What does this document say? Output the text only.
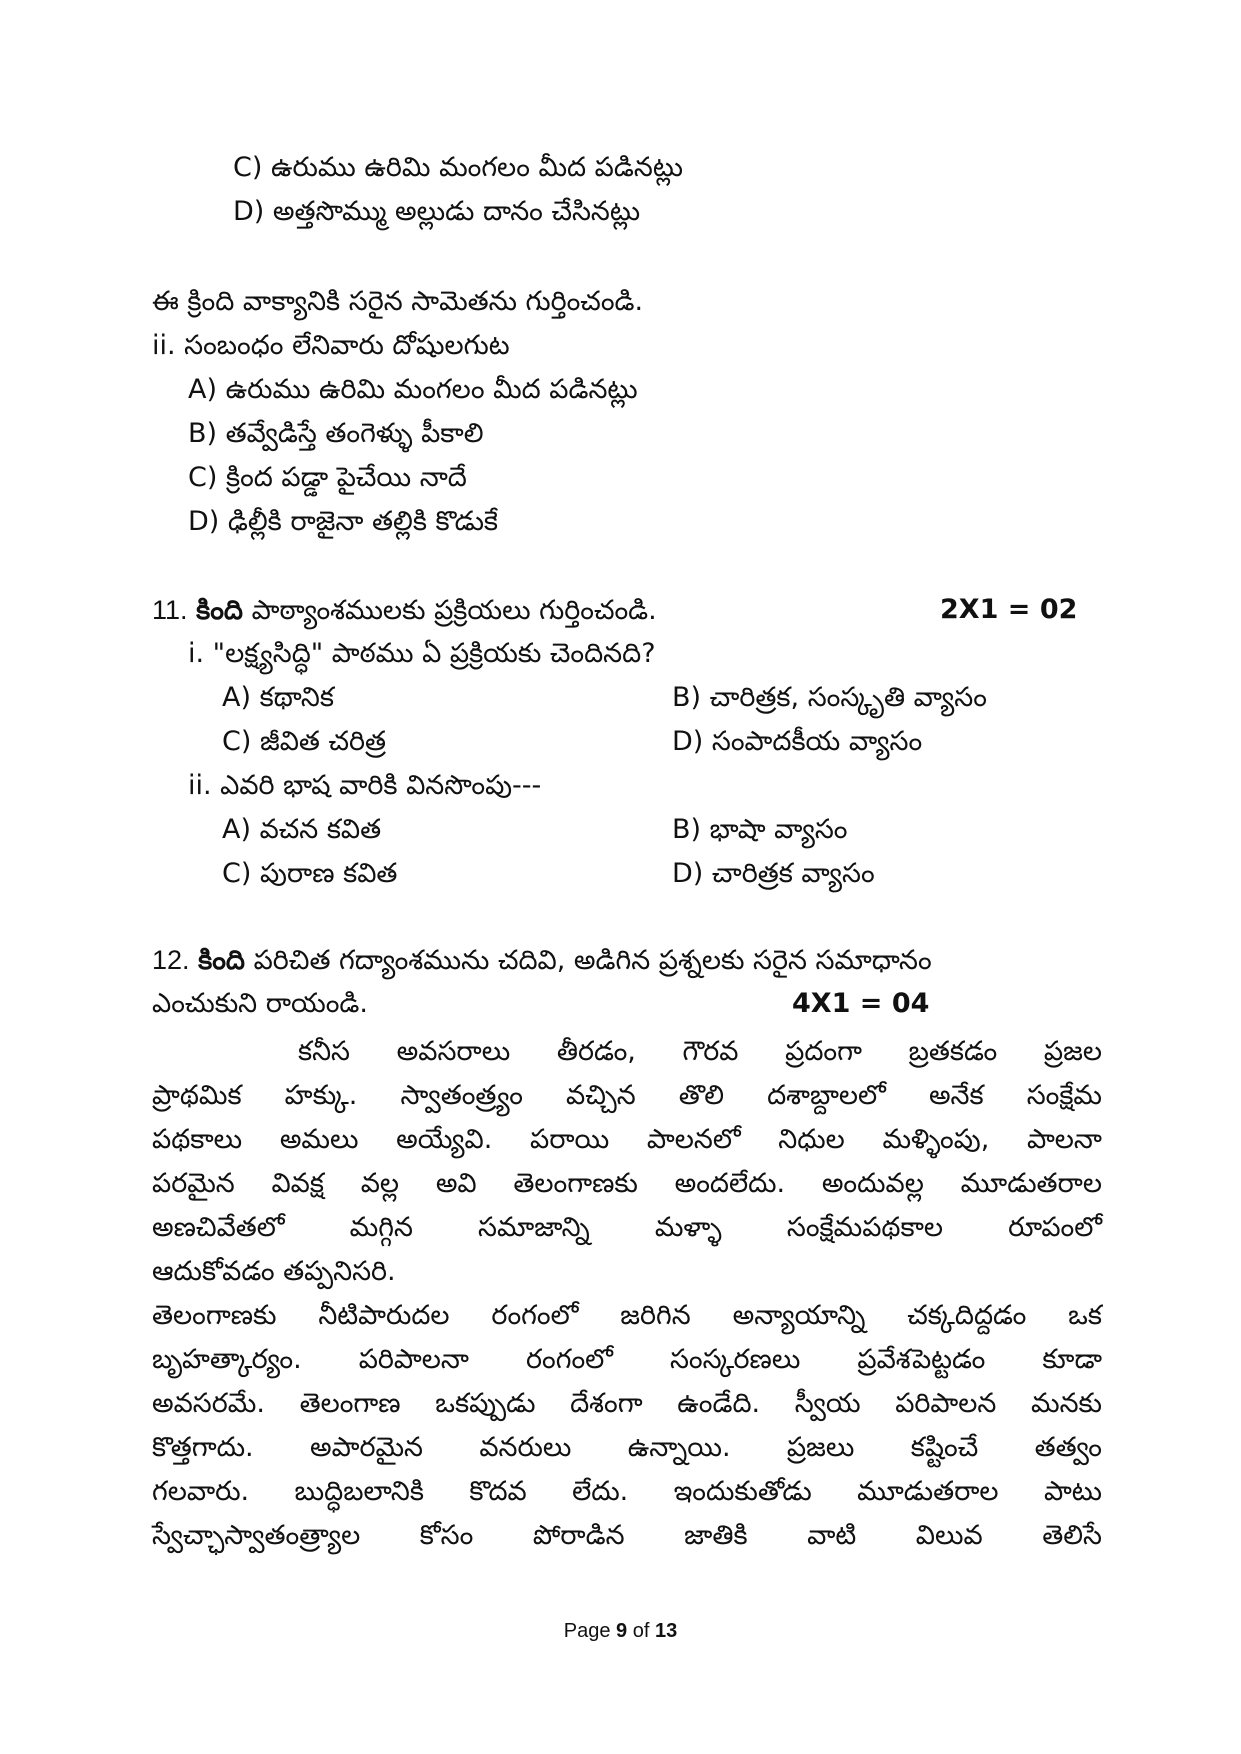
C) ఉరుము ఉరిమి మంగలం మీద పడినట్లు
D) అత్తసొమ్ము అల్లుడు దానం చేసినట్లు
ఈ క్రింది వాక్యానికి సరైన సామెతను గుర్తించండి.
ii. సంబంధం లేనివారు దోషులగుట
A) ఉరుము ఉరిమి మంగలం మీద పడినట్లు
B) తవ్వేడిస్తే తంగెళ్ళు పీకాలి
C) క్రింద పడ్డా పైచేయి నాదే
D) ఢిల్లీకి రాజైనా తల్లికి కొడుకే
11. కింది పాఠ్యాంశములకు ప్రక్రియలు గుర్తించండి.	2X1 = 02
i. "లక్ష్యసిద్ధి" పాఠము ఏ ప్రక్రియకు చెందినది?
A) కథానిక	B) చారిత్రక, సంస్కృతి వ్యాసం
C) జీవిత చరిత్ర	D) సంపాదకీయ వ్యాసం
ii. ఎవరి భాష వారికి వినసొంపు---
A) వచన కవిత	B) భాషా వ్యాసం
C) పురాణ కవిత	D) చారిత్రక వ్యాసం
12. కింది పరిచిత గద్యాంశమును చదివి, అడిగిన ప్రశ్నలకు సరైన సమాధానం
ఎంచుకుని రాయండి.	4X1 = 04
కనీస అవసరాలు తీరడం, గౌరవ ప్రదంగా బ్రతకడం ప్రజల
ప్రాథమిక హక్కు. స్వాతంత్ర్యం వచ్చిన తొలి దశాబ్దాలలో అనేక సంక్షేమ
పథకాలు అమలు అయ్యేవి. పరాయి పాలనలో నిధుల మళ్ళింపు, పాలనా
పరమైన వివక్ష వల్ల అవి తెలంగాణకు అందలేదు. అందువల్ల మూడుతరాల
అణచివేతలో మగ్గిన సమాజాన్ని మళ్ళా సంక్షేమపథకాల రూపంలో
ఆదుకోవడం తప్పనిసరి.
తెలంగాణకు నీటిపారుదల రంగంలో జరిగిన అన్యాయాన్ని చక్కదిద్దడం ఒక
బృహత్కార్యం. పరిపాలనా రంగంలో సంస్కరణలు ప్రవేశపెట్టడం కూడా
అవసరమే. తెలంగాణ ఒకప్పుడు దేశంగా ఉండేది. స్వీయ పరిపాలన మనకు
కొత్తగాదు. అపారమైన వనరులు ఉన్నాయి. ప్రజలు కష్టించే తత్వం
గలవారు. బుద్ధిబలానికి కొదవ లేదు. ఇందుకుతోడు మూడుతరాల పాటు
స్వేచ్ఛాస్వాతంత్ర్యాల కోసం పోరాడిన జాతికి వాటి విలువ తెలిసే
Page 9 of 13
